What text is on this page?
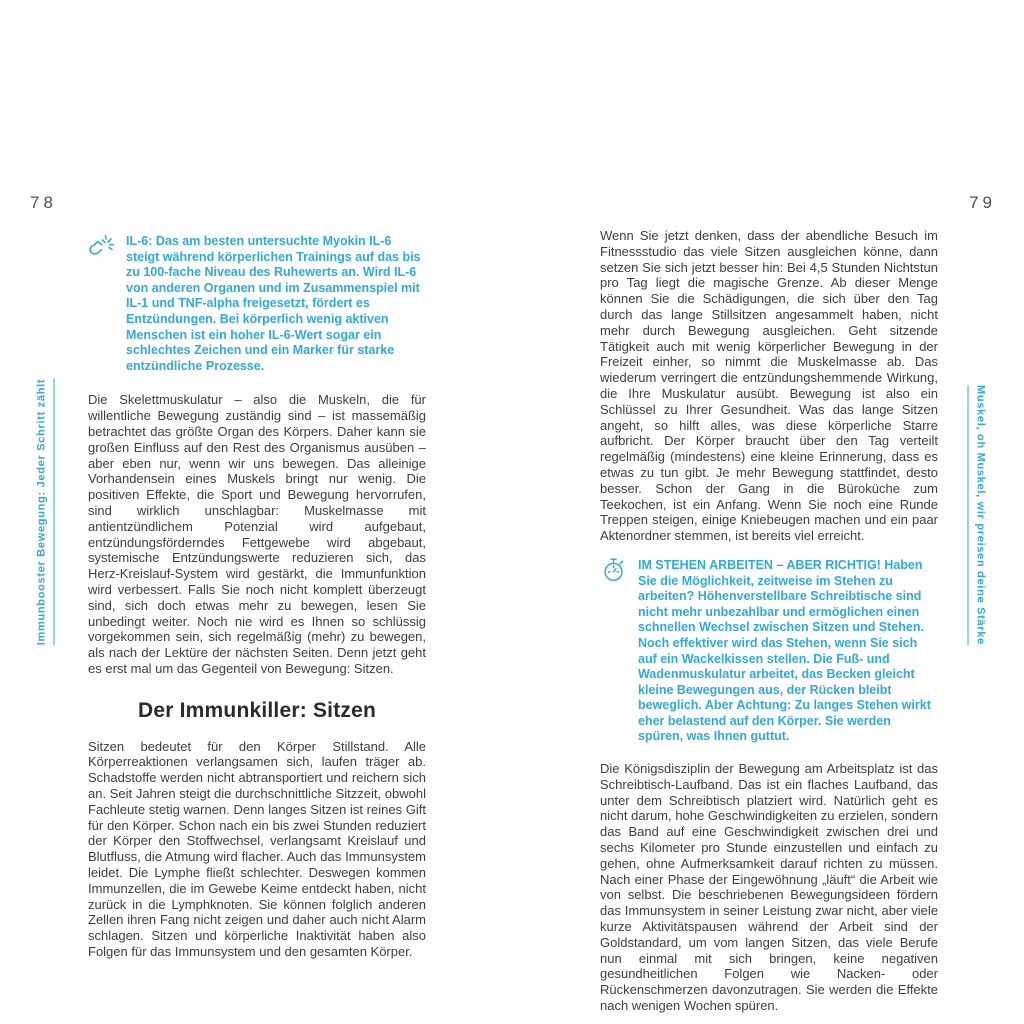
78	79
Immunbooster Bewegung: Jeder Schritt zählt	Muskel, oh Muskel, wir preisen deine Stärke
IL-6: Das am besten untersuchte Myokin IL-6 steigt während körperlichen Trainings auf das bis zu 100-fache Niveau des Ruhewerts an. Wird IL-6 von anderen Organen und im Zusammenspiel mit IL-1 und TNF-alpha freigesetzt, fördert es Entzündungen. Bei körperlich wenig aktiven Menschen ist ein hoher IL-6-Wert sogar ein schlechtes Zeichen und ein Marker für starke entzündliche Prozesse.

Die Skelettmuskulatur – also die Muskeln, die für willentliche Bewegung zuständig sind – ist massemäßig betrachtet das größte Organ des Körpers. Daher kann sie großen Einfluss auf den Rest des Organismus ausüben – aber eben nur, wenn wir uns bewegen. Das alleinige Vorhandensein eines Muskels bringt nur wenig. Die positiven Effekte, die Sport und Bewegung hervorrufen, sind wirklich unschlagbar: Muskelmasse mit antientzündlichem Potenzial wird aufgebaut, entzündungsförderndes Fettgewebe wird abgebaut, systemische Entzündungswerte reduzieren sich, das Herz-Kreislauf-System wird gestärkt, die Immunfunktion wird verbessert. Falls Sie noch nicht komplett überzeugt sind, sich doch etwas mehr zu bewegen, lesen Sie unbedingt weiter. Noch nie wird es Ihnen so schlüssig vorgekommen sein, sich regelmäßig (mehr) zu bewegen, als nach der Lektüre der nächsten Seiten. Denn jetzt geht es erst mal um das Gegenteil von Bewegung: Sitzen.

Der Immunkiller: Sitzen

Sitzen bedeutet für den Körper Stillstand. Alle Körperreaktionen verlangsamen sich, laufen träger ab. Schadstoffe werden nicht abtransportiert und reichern sich an. Seit Jahren steigt die durchschnittliche Sitzzeit, obwohl Fachleute stetig warnen. Denn langes Sitzen ist reines Gift für den Körper. Schon nach ein bis zwei Stunden reduziert der Körper den Stoffwechsel, verlangsamt Kreislauf und Blutfluss, die Atmung wird flacher. Auch das Immunsystem leidet. Die Lymphe fließt schlechter. Deswegen kommen Immunzellen, die im Gewebe Keime entdeckt haben, nicht zurück in die Lymphknoten. Sie können folglich anderen Zellen ihren Fang nicht zeigen und daher auch nicht Alarm schlagen. Sitzen und körperliche Inaktivität haben also Folgen für das Immunsystem und den gesamten Körper.

Wenn Sie jetzt denken, dass der abendliche Besuch im Fitnessstudio das viele Sitzen ausgleichen könne, dann setzen Sie sich jetzt besser hin: Bei 4,5 Stunden Nichtstun pro Tag liegt die magische Grenze. Ab dieser Menge können Sie die Schädigungen, die sich über den Tag durch das lange Stillsitzen angesammelt haben, nicht mehr durch Bewegung ausgleichen. Geht sitzende Tätigkeit auch mit wenig körperlicher Bewegung in der Freizeit einher, so nimmt die Muskelmasse ab. Das wiederum verringert die entzündungshemmende Wirkung, die Ihre Muskulatur ausübt. Bewegung ist also ein Schlüssel zu Ihrer Gesundheit. Was das lange Sitzen angeht, so hilft alles, was diese körperliche Starre aufbricht. Der Körper braucht über den Tag verteilt regelmäßig (mindestens) eine kleine Erinnerung, dass es etwas zu tun gibt. Je mehr Bewegung stattfindet, desto besser. Schon der Gang in die Büroküche zum Teekochen, ist ein Anfang. Wenn Sie noch eine Runde Treppen steigen, einige Kniebeugen machen und ein paar Aktenordner stemmen, ist bereits viel erreicht.

IM STEHEN ARBEITEN – ABER RICHTIG! Haben Sie die Möglichkeit, zeitweise im Stehen zu arbeiten? Höhenverstellbare Schreibtische sind nicht mehr unbezahlbar und ermöglichen einen schnellen Wechsel zwischen Sitzen und Stehen. Noch effektiver wird das Stehen, wenn Sie sich auf ein Wackelkissen stellen. Die Fuß- und Wadenmuskulatur arbeitet, das Becken gleicht kleine Bewegungen aus, der Rücken bleibt beweglich. Aber Achtung: Zu langes Stehen wirkt eher belastend auf den Körper. Sie werden spüren, was Ihnen guttut.

Die Königsdisziplin der Bewegung am Arbeitsplatz ist das Schreibtisch-Laufband. Das ist ein flaches Laufband, das unter dem Schreibtisch platziert wird. Natürlich geht es nicht darum, hohe Geschwindigkeiten zu erzielen, sondern das Band auf eine Geschwindigkeit zwischen drei und sechs Kilometer pro Stunde einzustellen und einfach zu gehen, ohne Aufmerksamkeit darauf richten zu müssen. Nach einer Phase der Eingewöhnung „läuft“ die Arbeit wie von selbst. Die beschriebenen Bewegungsideen fördern das Immunsystem in seiner Leistung zwar nicht, aber viele kurze Aktivitätspausen während der Arbeit sind der Goldstandard, um vom langen Sitzen, das viele Berufe nun einmal mit sich bringen, keine negativen gesundheitlichen Folgen wie Nacken- oder Rückenschmerzen davonzutragen. Sie werden die Effekte nach wenigen Wochen spüren.
